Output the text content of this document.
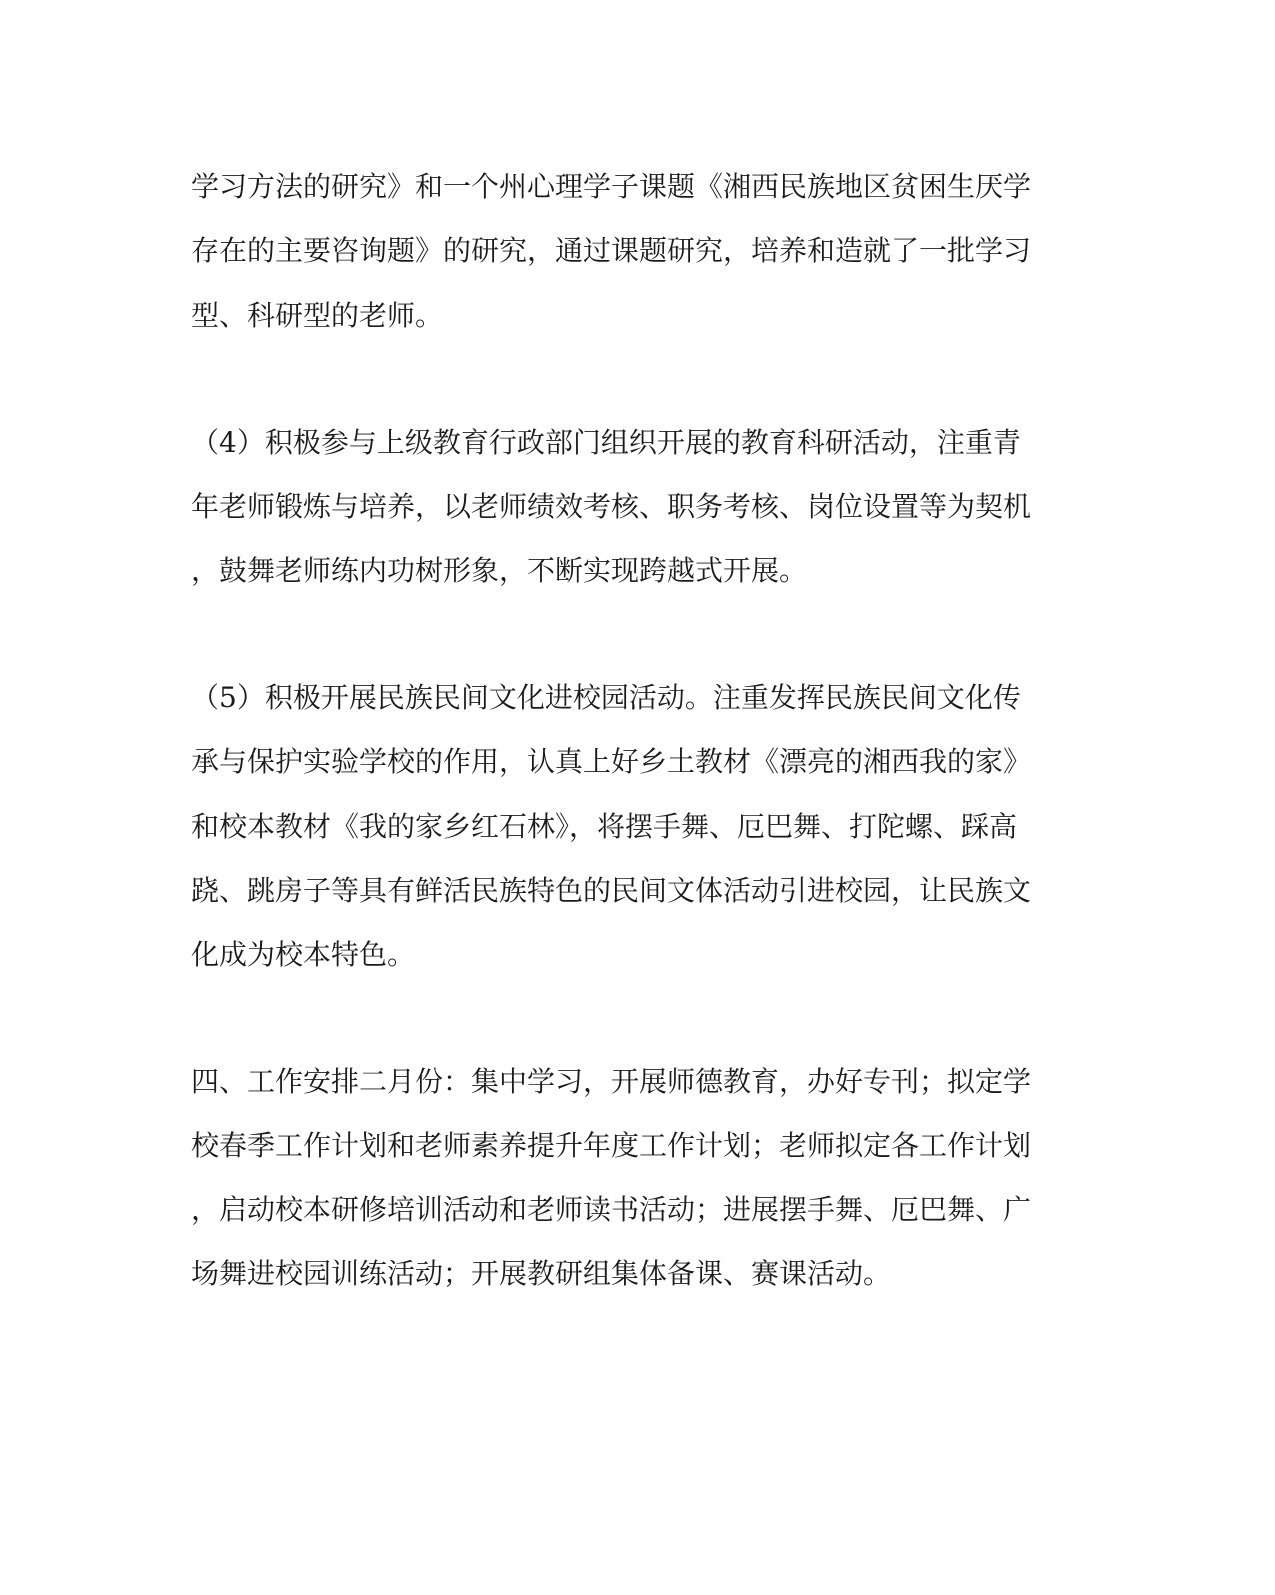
学习方法的研究》和一个州心理学子课题《湘西民族地区贫困生厌学
存在的主要咨询题》的研究，通过课题研究，培养和造就了一批学习
型、科研型的老师。
（4）积极参与上级教育行政部门组织开展的教育科研活动，注重青
年老师锻炼与培养，以老师绩效考核、职务考核、岗位设置等为契机
，鼓舞老师练内功树形象，不断实现跨越式开展。
（5）积极开展民族民间文化进校园活动。注重发挥民族民间文化传
承与保护实验学校的作用，认真上好乡土教材《漂亮的湘西我的家》
和校本教材《我的家乡红石林》，将摆手舞、厄巴舞、打陀螺、踩高
跷、跳房子等具有鲜活民族特色的民间文体活动引进校园，让民族文
化成为校本特色。
四、工作安排二月份：集中学习，开展师德教育，办好专刊；拟定学
校春季工作计划和老师素养提升年度工作计划；老师拟定各工作计划
，启动校本研修培训活动和老师读书活动；进展摆手舞、厄巴舞、广
场舞进校园训练活动；开展教研组集体备课、赛课活动。
